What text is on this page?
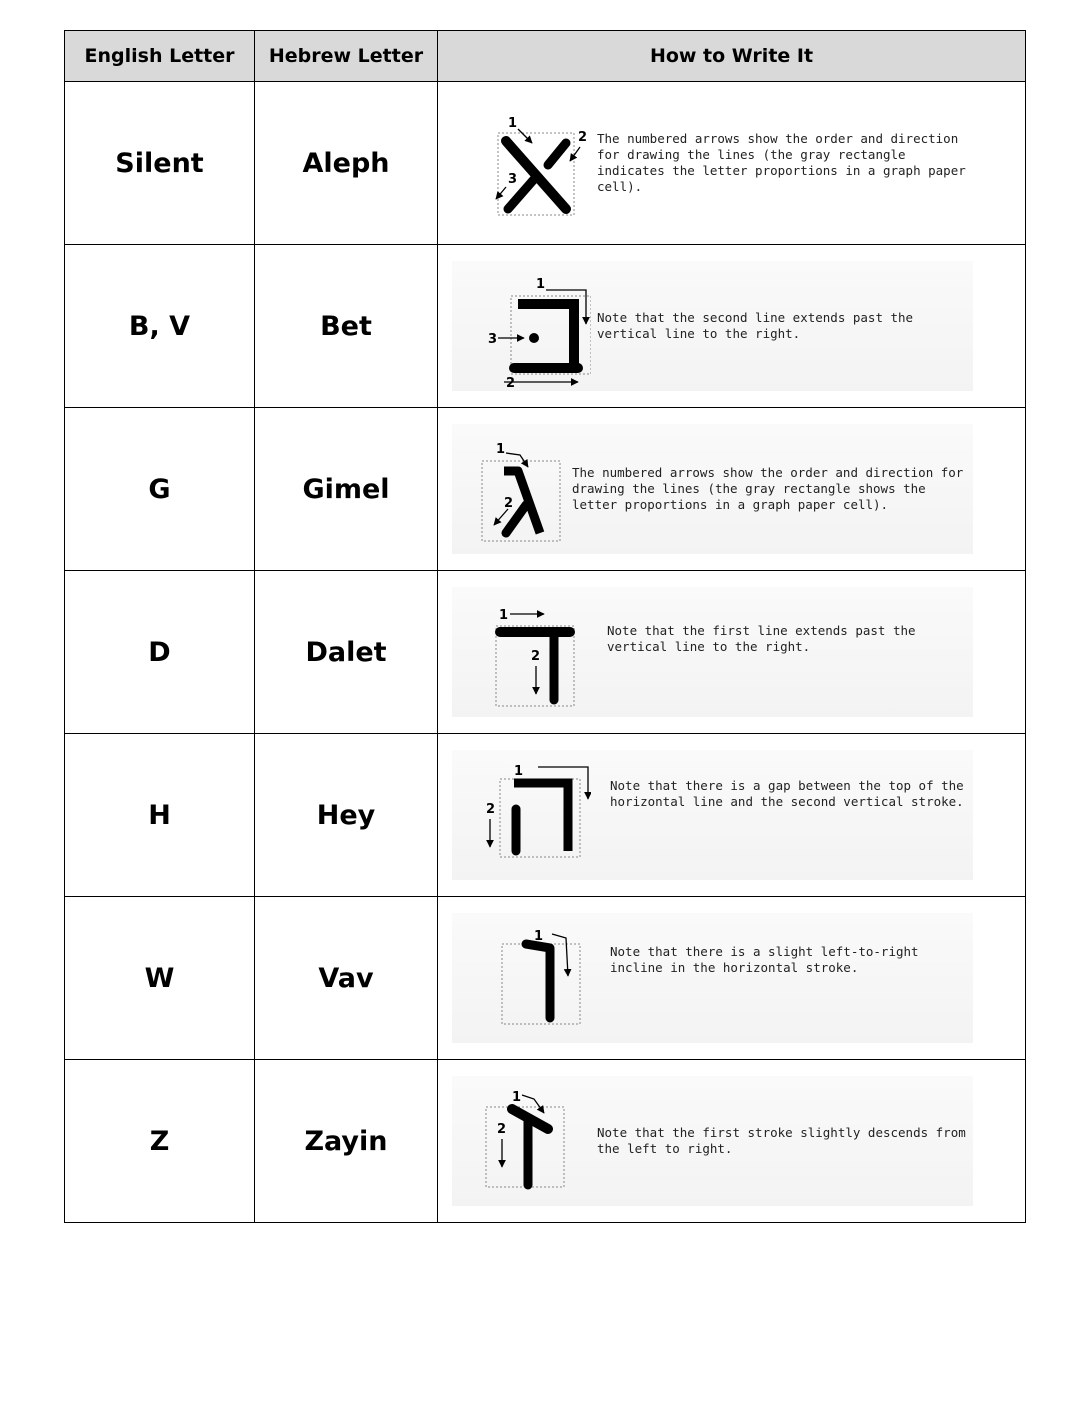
English Letter	Hebrew Letter	How to Write It
Silent	Aleph	1
2
3
The numbered arrows show the order and direction for drawing the lines (the gray rectangle indicates the letter proportions in a graph paper cell).

B, V	Bet	1
2
3
Note that the second line extends past the vertical line to the right.

G	Gimel	1
2
The numbered arrows show the order and direction for drawing the lines (the gray rectangle shows the letter proportions in a graph paper cell).

D	Dalet	1
2
Note that the first line extends past the vertical line to the right.

H	Hey	1
2
Note that there is a gap between the top of the horizontal line and the second vertical stroke.

W	Vav	1
Note that there is a slight left-to-right incline in the horizontal stroke.

Z	Zayin	1
2 Note that the first stroke slightly descends from the left to right.
